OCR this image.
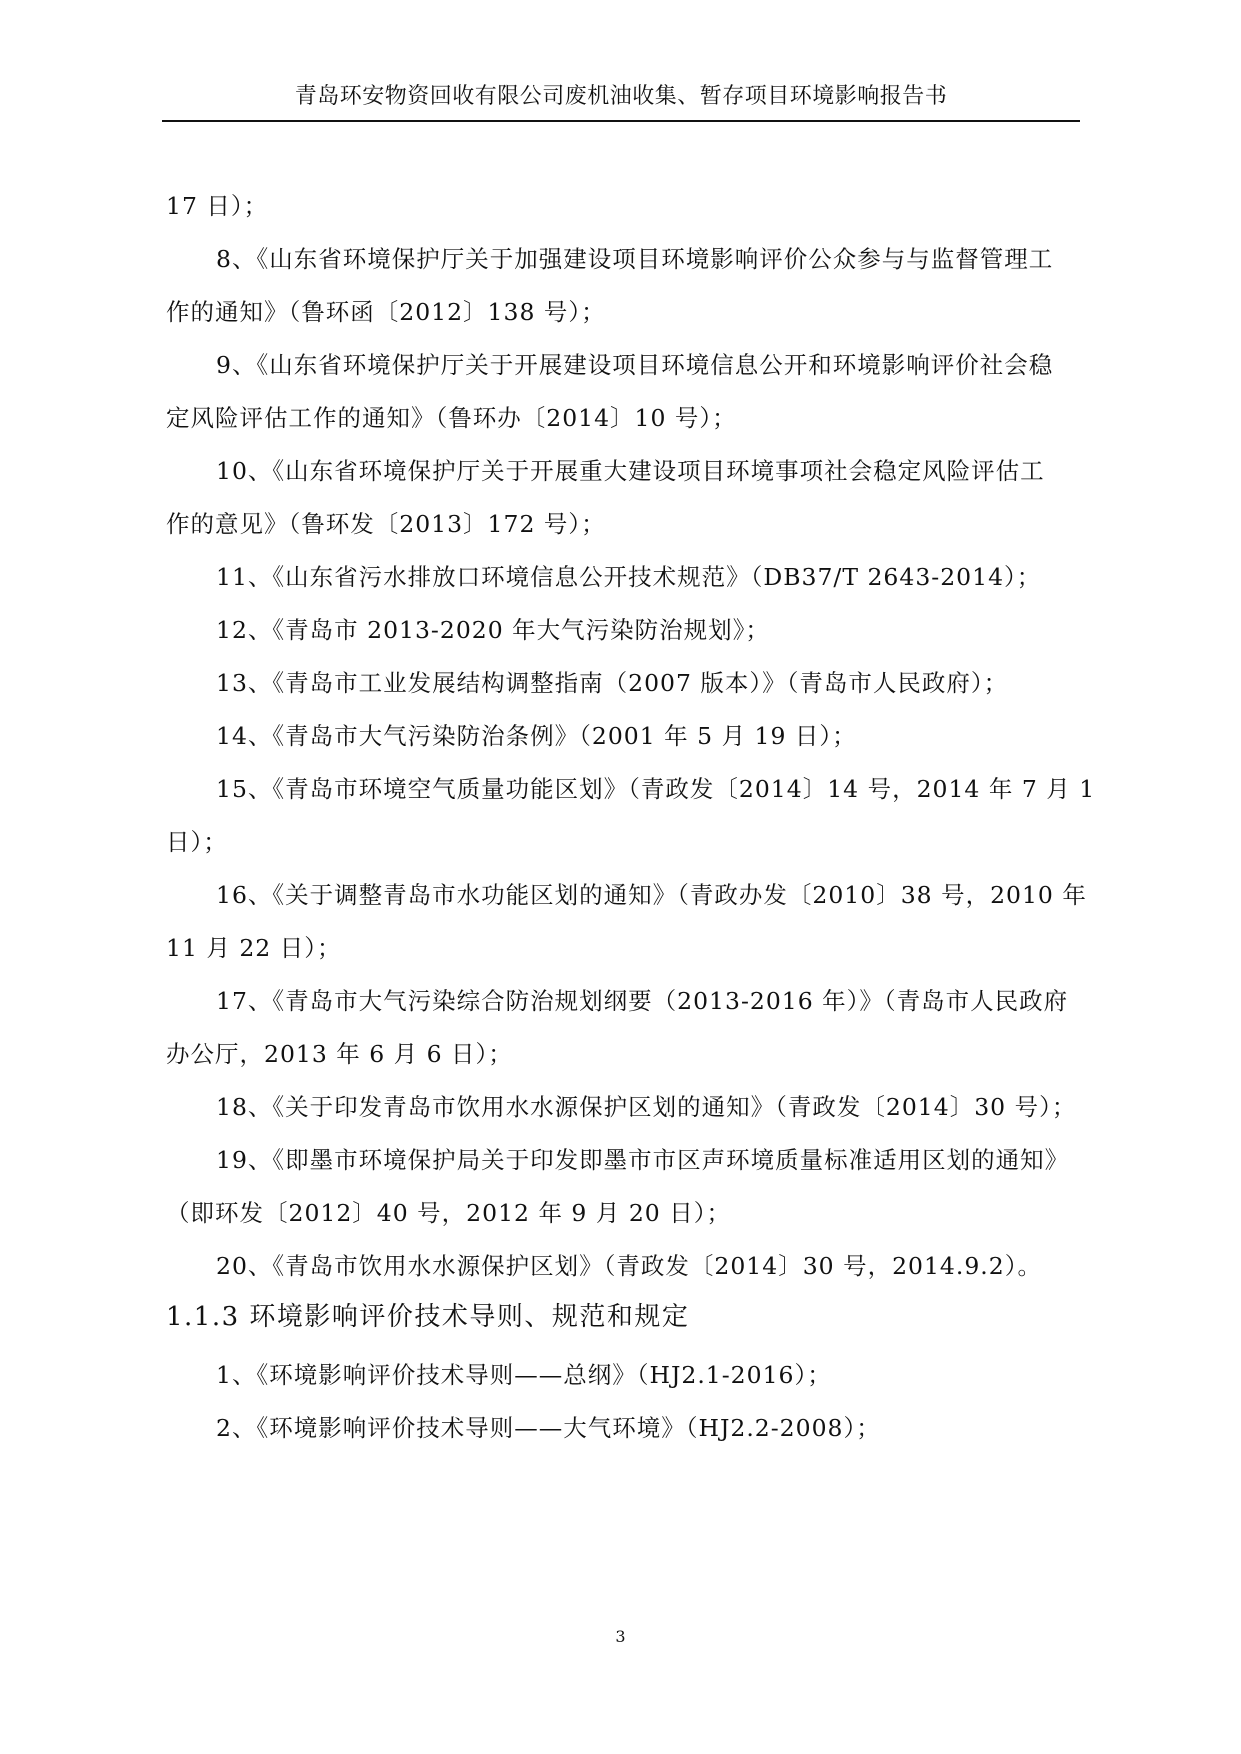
青岛环安物资回收有限公司废机油收集、暂存项目环境影响报告书
17 日）；
8、《山东省环境保护厅关于加强建设项目环境影响评价公众参与与监督管理工
作的通知》（鲁环函〔2012〕138 号）；
9、《山东省环境保护厅关于开展建设项目环境信息公开和环境影响评价社会稳
定风险评估工作的通知》（鲁环办〔2014〕10 号）；
10、《山东省环境保护厅关于开展重大建设项目环境事项社会稳定风险评估工
作的意见》（鲁环发〔2013〕172 号）；
11、《山东省污水排放口环境信息公开技术规范》（DB37/T 2643-2014）；
12、《青岛市 2013-2020 年大气污染防治规划》；
13、《青岛市工业发展结构调整指南（2007 版本）》（青岛市人民政府）；
14、《青岛市大气污染防治条例》（2001 年 5 月 19 日）；
15、《青岛市环境空气质量功能区划》（青政发〔2014〕14 号，2014 年 7 月 1
日）；
16、《关于调整青岛市水功能区划的通知》（青政办发〔2010〕38 号，2010 年
11 月 22 日）；
17、《青岛市大气污染综合防治规划纲要（2013-2016 年）》（青岛市人民政府
办公厅，2013 年 6 月 6 日）；
18、《关于印发青岛市饮用水水源保护区划的通知》（青政发〔2014〕30 号）；
19、《即墨市环境保护局关于印发即墨市市区声环境质量标准适用区划的通知》
（即环发〔2012〕40 号，2012 年 9 月 20 日）；
20、《青岛市饮用水水源保护区划》（青政发〔2014〕30 号，2014.9.2）。
1.1.3 环境影响评价技术导则、规范和规定
1、《环境影响评价技术导则——总纲》（HJ2.1-2016）；
2、《环境影响评价技术导则——大气环境》（HJ2.2-2008）；
3
